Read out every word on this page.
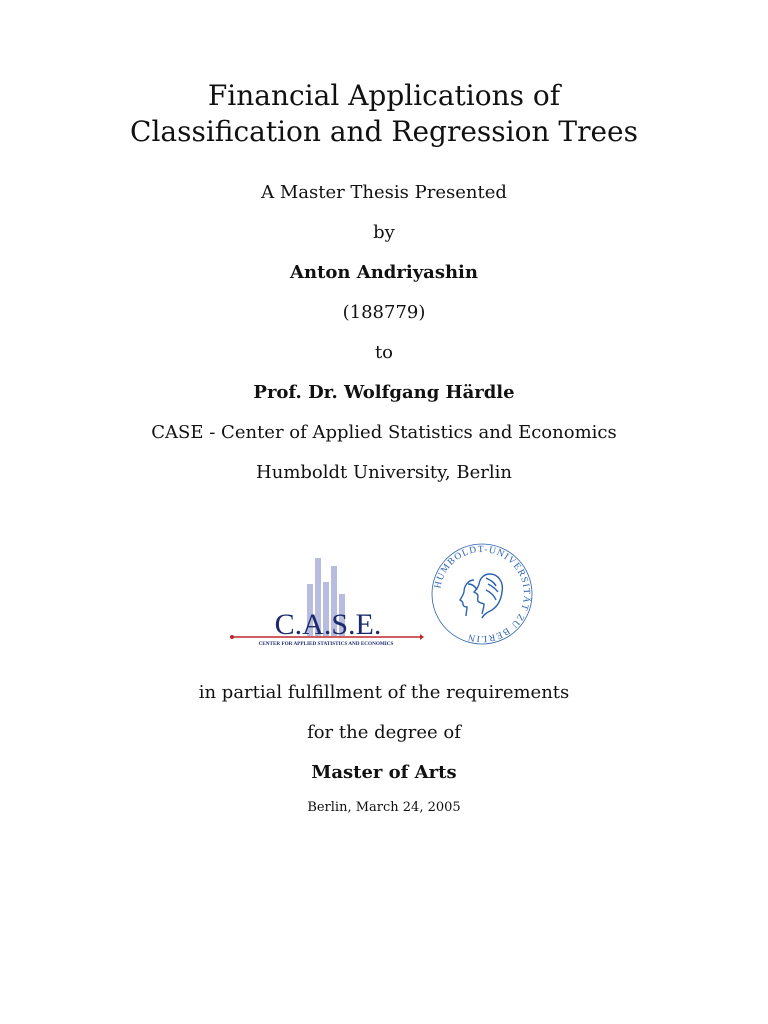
Financial Applications of
Classification and Regression Trees
A Master Thesis Presented
by
Anton Andriyashin
(188779)
to
Prof. Dr. Wolfgang Härdle
CASE - Center of Applied Statistics and Economics
Humboldt University, Berlin
C.A.S.E.
CENTER FOR APPLIED STATISTICS AND ECONOMICS
HUMBOLDT-UNIVERSITÄT ZU BERLIN
in partial fulfillment of the requirements
for the degree of
Master of Arts
Berlin, March 24, 2005
